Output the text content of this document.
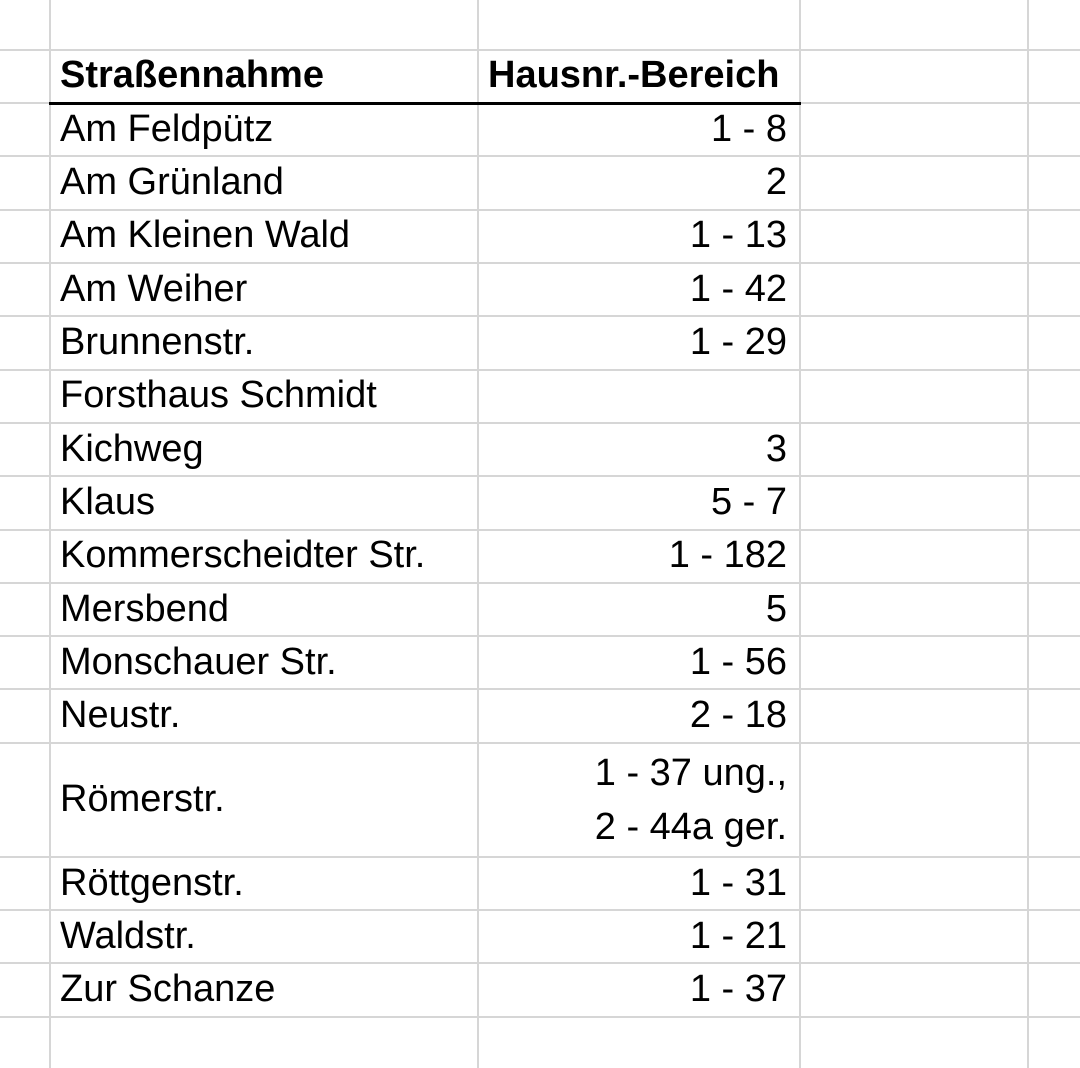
	Straßennahme	Hausnr.-Bereich		
	Am Feldpütz	1 - 8		
	Am Grünland	2		
	Am Kleinen Wald	1 - 13		
	Am Weiher	1 - 42		
	Brunnenstr.	1 - 29		
	Forsthaus Schmidt			
	Kichweg	3		
	Klaus	5 - 7		
	Kommerscheidter Str.	1 - 182		
	Mersbend	5		
	Monschauer Str.	1 - 56		
	Neustr.	2 - 18		
	Römerstr.	1 - 37 ung.,
2 - 44a ger.		

	Röttgenstr.	1 - 31		
	Waldstr.	1 - 21		
	Zur Schanze	1 - 37		
